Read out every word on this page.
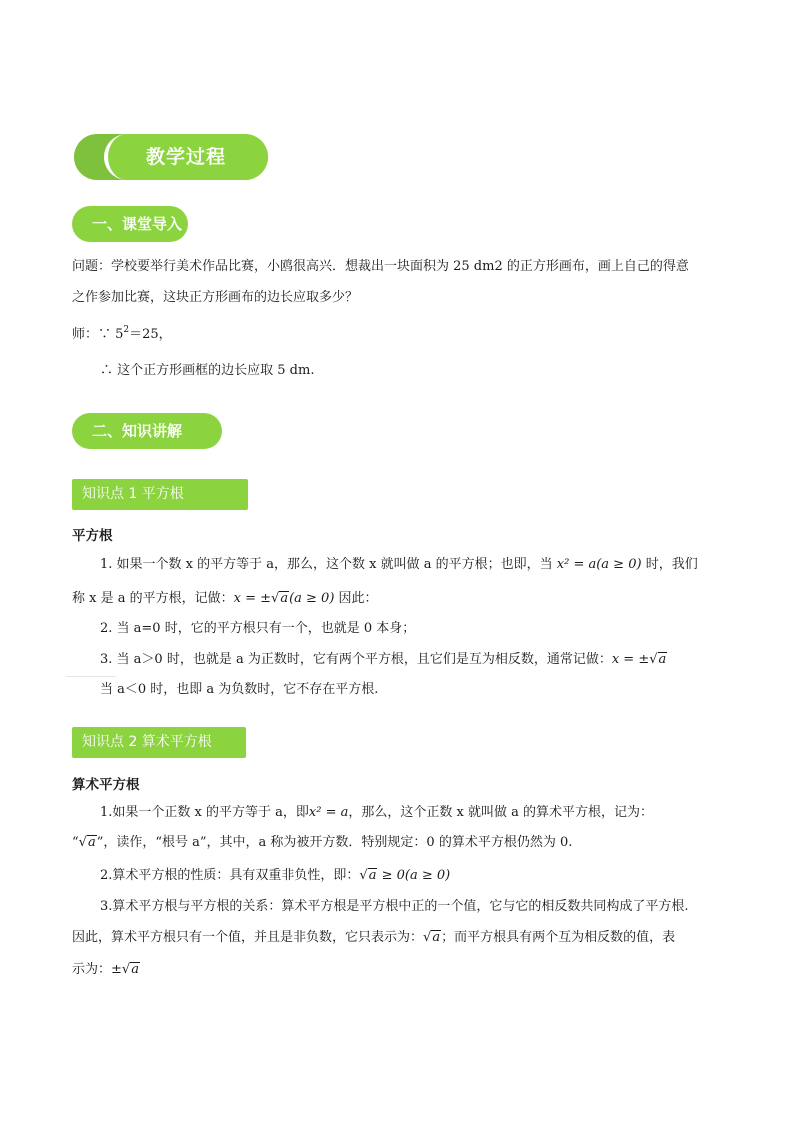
教学过程
一、课堂导入
问题：学校要举行美术作品比赛，小鸥很高兴．想裁出一块面积为 25 dm2 的正方形画布，画上自己的得意
之作参加比赛，这块正方形画布的边长应取多少？
师：∵ $5^2=25$，
∴ 这个正方形画框的边长应取 5 dm.
二、知识讲解
知识点 1 平方根
平方根
1. 如果一个数 x 的平方等于 a，那么，这个数 x 就叫做 a 的平方根；也即，当 x² = a(a ≥ 0) 时，我们
称 x 是 a 的平方根，记做：x = ±√a(a ≥ 0) 因此：
2. 当 a=0 时，它的平方根只有一个，也就是 0 本身；
3. 当 a＞0 时，也就是 a 为正数时，它有两个平方根，且它们是互为相反数，通常记做：x = ±√a
当 a＜0 时，也即 a 为负数时，它不存在平方根.
知识点 2 算术平方根
算术平方根
1.如果一个正数 x 的平方等于 a，即x² = a，那么，这个正数 x 就叫做 a 的算术平方根，记为：
“√a”，读作，“根号 a”，其中，a 称为被开方数．特别规定：0 的算术平方根仍然为 0.
2.算术平方根的性质：具有双重非负性，即：√a ≥ 0(a ≥ 0)
3.算术平方根与平方根的关系：算术平方根是平方根中正的一个值，它与它的相反数共同构成了平方根.
因此，算术平方根只有一个值，并且是非负数，它只表示为：√a；而平方根具有两个互为相反数的值，表
示为：±√a
